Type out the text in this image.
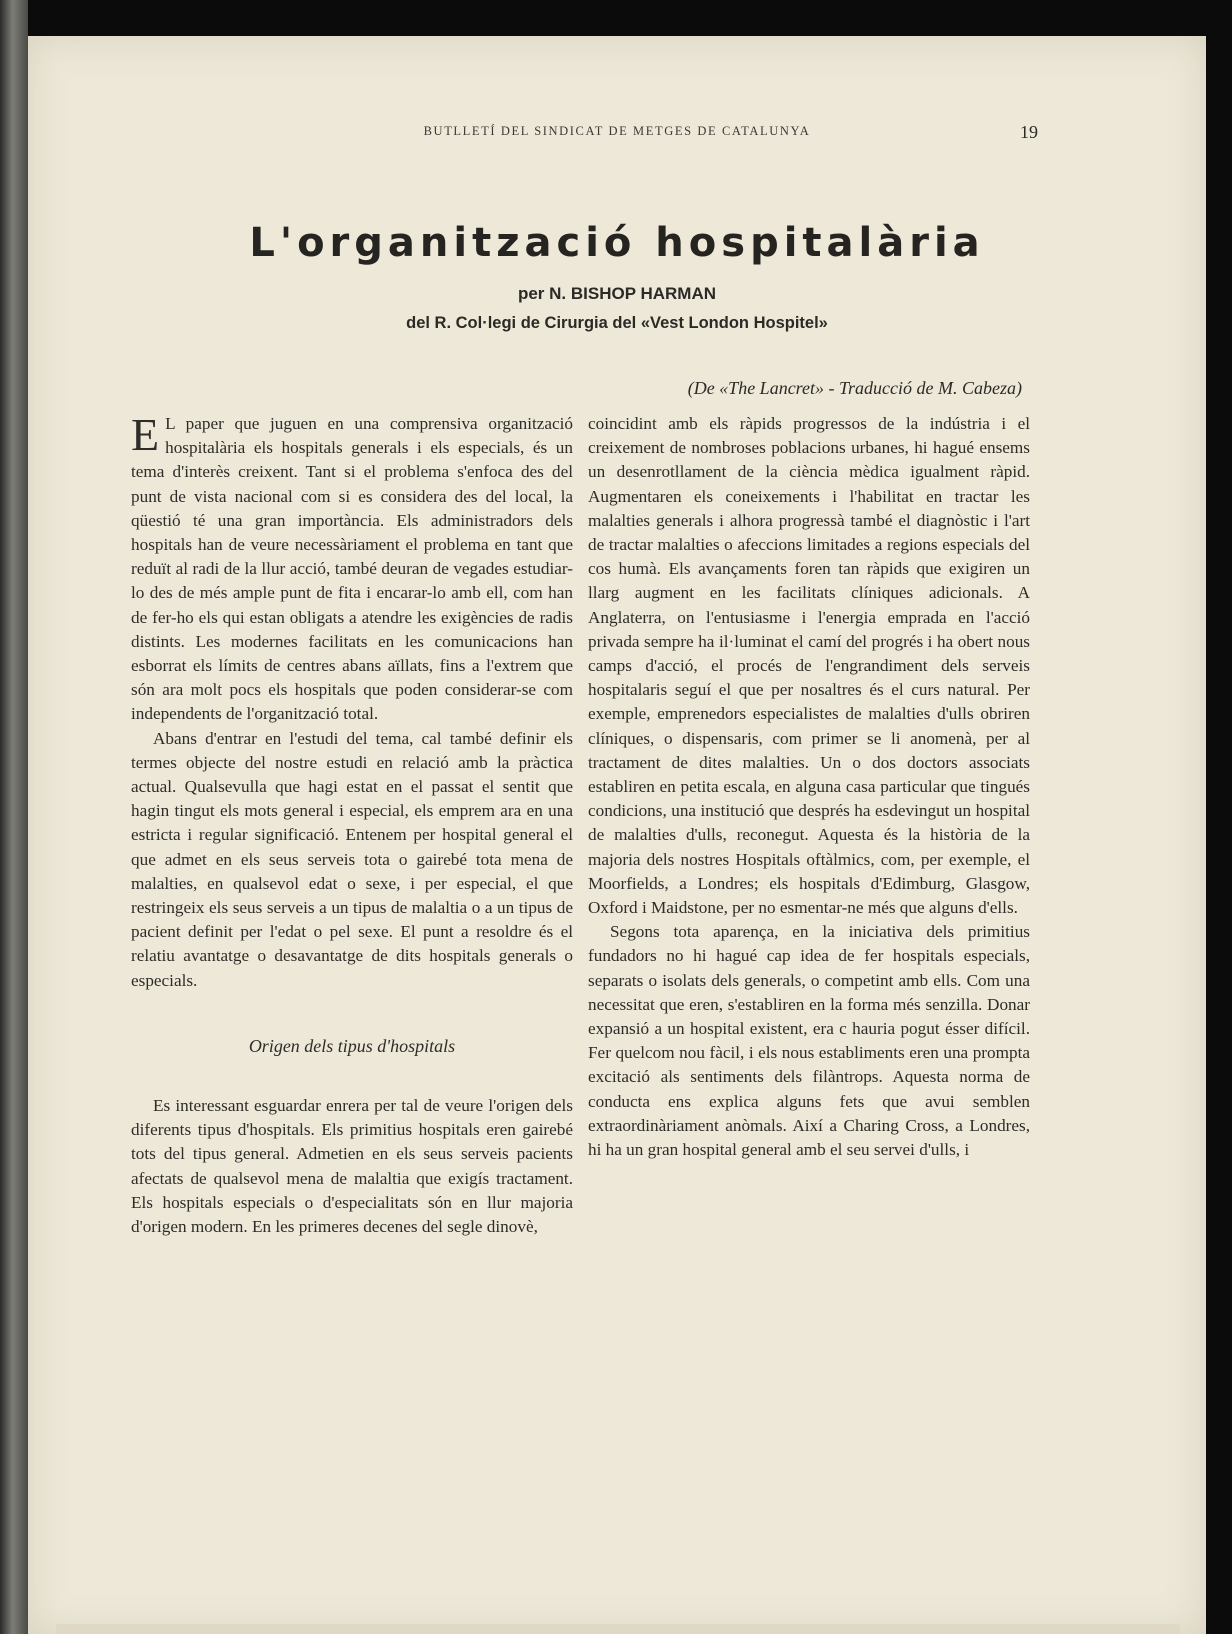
BUTLLETÍ DEL SINDICAT DE METGES DE CATALUNYA	19
L'organització hospitalària
per N. BISHOP HARMAN
del R. Col·legi de Cirurgia del «Vest London Hospitel»
(De «The Lancret» - Traducció de M. Cabeza)

E L paper que juguen en una comprensiva organització hospitalària els hospitals generals i els especials, és un tema d'interès creixent. Tant si el problema s'enfoca des del punt de vista nacional com si es considera des del local, la qüestió té una gran importància. Els administradors dels hospitals han de veure necessàriament el problema en tant que reduït al radi de la llur acció, també deuran de vegades estudiar-lo des de més ample punt de fita i encarar-lo amb ell, com han de fer-ho els qui estan obligats a atendre les exigències de radis distints. Les modernes facilitats en les comunicacions han esborrat els límits de centres abans aïllats, fins a l'extrem que són ara molt pocs els hospitals que poden considerar-se com independents de l'organització total.

Abans d'entrar en l'estudi del tema, cal també definir els termes objecte del nostre estudi en relació amb la pràctica actual. Qualsevulla que hagi estat en el passat el sentit que hagin tingut els mots general i especial, els emprem ara en una estricta i regular significació. Entenem per hospital general el que admet en els seus serveis tota o gairebé tota mena de malalties, en qualsevol edat o sexe, i per especial, el que restringeix els seus serveis a un tipus de malaltia o a un tipus de pacient definit per l'edat o pel sexe. El punt a resoldre és el relatiu avantatge o desavantatge de dits hospitals generals o especials.

Origen dels tipus d'hospitals

Es interessant esguardar enrera per tal de veure l'origen dels diferents tipus d'hospitals. Els primitius hospitals eren gairebé tots del tipus general. Admetien en els seus serveis pacients afectats de qualsevol mena de malaltia que exigís tractament. Els hospitals especials o d'especialitats són en llur majoria d'origen modern. En les primeres decenes del segle dinovè,

coincidint amb els ràpids progressos de la indústria i el creixement de nombroses poblacions urbanes, hi hagué ensems un desenrotllament de la ciència mèdica igualment ràpid. Augmentaren els coneixements i l'habilitat en tractar les malalties generals i alhora progressà també el diagnòstic i l'art de tractar malalties o afeccions limitades a regions especials del cos humà. Els avançaments foren tan ràpids que exigiren un llarg augment en les facilitats clíniques adicionals. A Anglaterra, on l'entusiasme i l'energia emprada en l'acció privada sempre ha il·luminat el camí del progrés i ha obert nous camps d'acció, el procés de l'engrandiment dels serveis hospitalaris seguí el que per nosaltres és el curs natural. Per exemple, emprenedors especialistes de malalties d'ulls obriren clíniques, o dispensaris, com primer se li anomenà, per al tractament de dites malalties. Un o dos doctors associats establiren en petita escala, en alguna casa particular que tingués condicions, una institució que després ha esdevingut un hospital de malalties d'ulls, reconegut. Aquesta és la història de la majoria dels nostres Hospitals oftàlmics, com, per exemple, el Moorfields, a Londres; els hospitals d'Edimburg, Glasgow, Oxford i Maidstone, per no esmentar-ne més que alguns d'ells.

Segons tota aparença, en la iniciativa dels primitius fundadors no hi hagué cap idea de fer hospitals especials, separats o isolats dels generals, o competint amb ells. Com una necessitat que eren, s'establiren en la forma més senzilla. Donar expansió a un hospital existent, era c hauria pogut ésser difícil. Fer quelcom nou fàcil, i els nous establiments eren una prompta excitació als sentiments dels filàntrops. Aquesta norma de conducta ens explica alguns fets que avui semblen extraordinàriament anòmals. Així a Charing Cross, a Londres, hi ha un gran hospital general amb el seu servei d'ulls, i
